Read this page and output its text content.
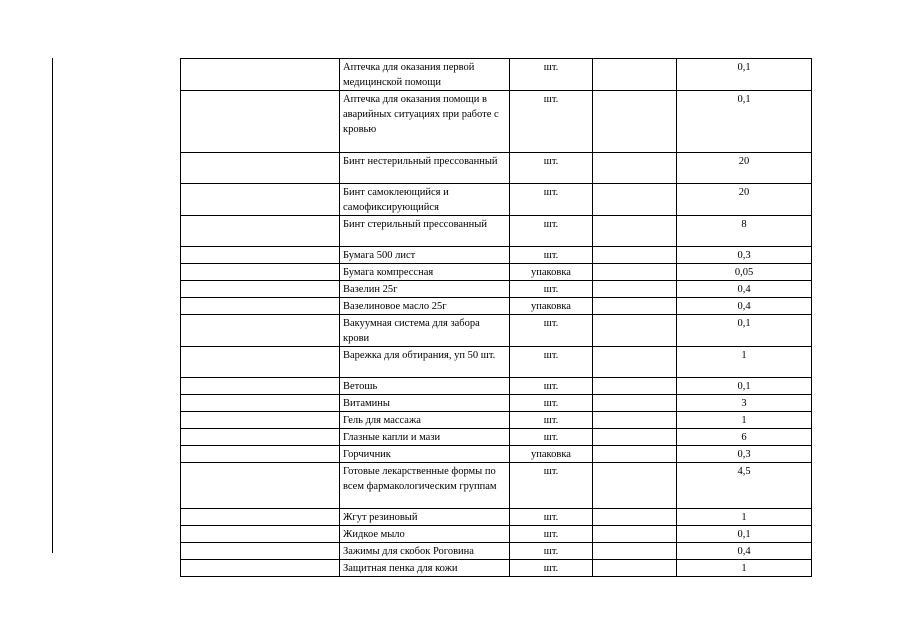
	Аптечка для оказания первой медицинской помощи	шт.		0,1
	Аптечка для оказания помощи в аварийных ситуациях при работе с кровью	шт.		0,1
	Бинт нестерильный прессованный	шт.		20
	Бинт самоклеющийся и самофиксирующийся	шт.		20
	Бинт стерильный прессованный	шт.		8
	Бумага 500 лист	шт.		0,3
	Бумага компрессная	упаковка		0,05
	Вазелин 25г	шт.		0,4
	Вазелиновое масло 25г	упаковка		0,4
	Вакуумная система для забора крови	шт.		0,1
	Варежка для обтирания, уп 50 шт.	шт.		1
	Ветошь	шт.		0,1
	Витамины	шт.		3
	Гель для массажа	шт.		1
	Глазные капли и мази	шт.		6
	Горчичник	упаковка		0,3
	Готовые лекарственные формы по всем фармакологическим группам	шт.		4,5
	Жгут резиновый	шт.		1
	Жидкое мыло	шт.		0,1
	Зажимы для скобок Роговина	шт.		0,4
	Защитная пенка для кожи	шт.		1
